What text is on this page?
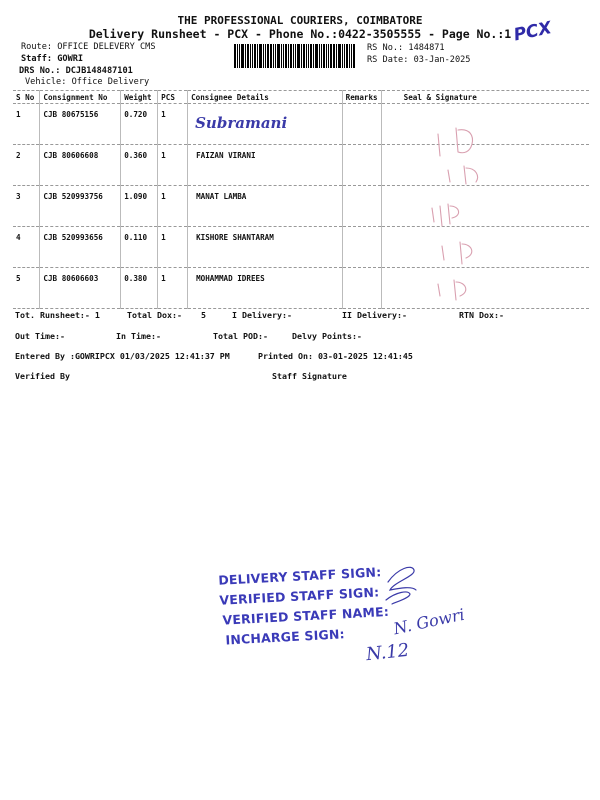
THE PROFESSIONAL COURIERS, COIMBATORE
Delivery Runsheet - PCX - Phone No.:0422-3505555 - Page No.:1 PCX
Route: OFFICE DELEVERY CMS
Staff: GOWRI
DRS No.: DCJB148487101
Vehicle: Office Delivery
RS No.: 1484871
RS Date: 03-Jan-2025
S No	Consignment No	Weight	PCS	Consignee Details	Remarks	Seal & Signature
1	CJB 80675156	0.720	1	Subramani		
2	CJB 80606608	0.360	1	FAIZAN VIRANI		
3	CJB 520993756	1.090	1	MANAT LAMBA		
4	CJB 520993656	0.110	1	KISHORE SHANTARAM		
5	CJB 80606603	0.380	1	MOHAMMAD IDREES		
Tot. Runsheet:- 1	Total Dox:- 5	I Delivery:-	II Delivery:-	RTN Dox:-
Out Time:-	In Time:-	Total POD:-	Delvy Points:-
Entered By :GOWRIPCX 01/03/2025 12:41:37 PM	Printed On: 03-01-2025 12:41:45
Verified By	Staff Signature
DELIVERY STAFF SIGN:
VERIFIED STAFF SIGN:
VERIFIED STAFF NAME:
INCHARGE SIGN:	N. Gowri
N.12
